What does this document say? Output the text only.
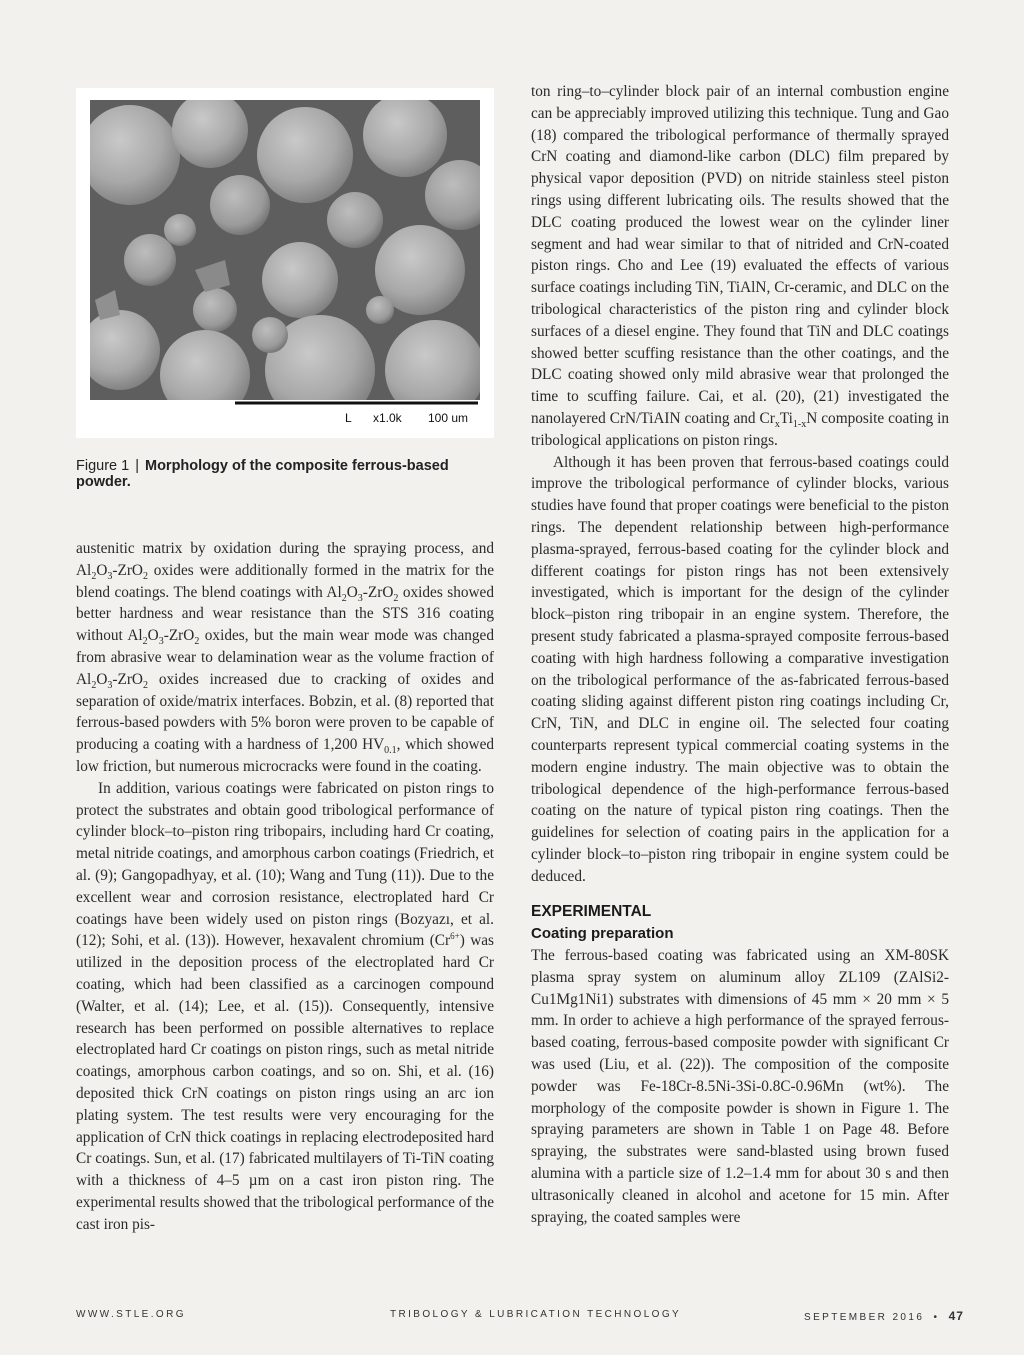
L x1.0k 100 um
Figure 1 | Morphology of the composite ferrous-based powder.

austenitic matrix by oxidation during the spraying process, and $Al_2O_3-ZrO_2$ oxides were additionally formed in the matrix for the blend coatings. The blend coatings with $Al_2O_3-ZrO_2$ oxides showed better hardness and wear resistance than the STS 316 coating without $Al_2O_3-ZrO_2$ oxides, but the main wear mode was changed from abrasive wear to delamination wear as the volume fraction of $Al_2O_3-ZrO_2$ oxides increased due to cracking of oxides and separation of oxide/matrix interfaces. Bobzin, et al. (8) reported that ferrous-based powders with 5% boron were proven to be capable of producing a coating with a hardness of 1,200 $HV_{0.1}$, which showed low friction, but numerous microcracks were found in the coating.

In addition, various coatings were fabricated on piston rings to protect the substrates and obtain good tribological performance of cylinder block–to–piston ring tribopairs, including hard Cr coating, metal nitride coatings, and amorphous carbon coatings (Friedrich, et al. (9); Gangopadhyay, et al. (10); Wang and Tung (11)). Due to the excellent wear and corrosion resistance, electroplated hard Cr coatings have been widely used on piston rings (Bozyazı, et al. (12); Sohi, et al. (13)). However, hexavalent chromium $(Cr^{6+})$ was utilized in the deposition process of the electroplated hard Cr coating, which had been classified as a carcinogen compound (Walter, et al. (14); Lee, et al. (15)). Consequently, intensive research has been performed on possible alternatives to replace electroplated hard Cr coatings on piston rings, such as metal nitride coatings, amorphous carbon coatings, and so on. Shi, et al. (16) deposited thick CrN coatings on piston rings using an arc ion plating system. The test results were very encouraging for the application of CrN thick coatings in replacing electrodeposited hard Cr coatings. Sun, et al. (17) fabricated multilayers of Ti-TiN coating with a thickness of 4–5 µm on a cast iron piston ring. The experimental results showed that the tribological performance of the cast iron pis-

ton ring–to–cylinder block pair of an internal combustion engine can be appreciably improved utilizing this technique. Tung and Gao (18) compared the tribological performance of thermally sprayed CrN coating and diamond-like carbon (DLC) film prepared by physical vapor deposition (PVD) on nitride stainless steel piston rings using different lubricating oils. The results showed that the DLC coating produced the lowest wear on the cylinder liner segment and had wear similar to that of nitrided and CrN-coated piston rings. Cho and Lee (19) evaluated the effects of various surface coatings including TiN, TiAlN, Cr-ceramic, and DLC on the tribological characteristics of the piston ring and cylinder block surfaces of a diesel engine. They found that TiN and DLC coatings showed better scuffing resistance than the other coatings, and the DLC coating showed only mild abrasive wear that prolonged the time to scuffing failure. Cai, et al. (20), (21) investigated the nanolayered CrN/TiAIN coating and $Cr_xTi_{1-x}N$ composite coating in tribological applications on piston rings.

Although it has been proven that ferrous-based coatings could improve the tribological performance of cylinder blocks, various studies have found that proper coatings were beneficial to the piston rings. The dependent relationship between high-performance plasma-sprayed, ferrous-based coating for the cylinder block and different coatings for piston rings has not been extensively investigated, which is important for the design of the cylinder block–piston ring tribopair in an engine system. Therefore, the present study fabricated a plasma-sprayed composite ferrous-based coating with high hardness following a comparative investigation on the tribological performance of the as-fabricated ferrous-based coating sliding against different piston ring coatings including Cr, CrN, TiN, and DLC in engine oil. The selected four coating counterparts represent typical commercial coating systems in the modern engine industry. The main objective was to obtain the tribological dependence of the high-performance ferrous-based coating on the nature of typical piston ring coatings. Then the guidelines for selection of coating pairs in the application for a cylinder block–to–piston ring tribopair in engine system could be deduced.

EXPERIMENTAL
Coating preparation

The ferrous-based coating was fabricated using an XM-80SK plasma spray system on aluminum alloy ZL109 (ZAlSi2-Cu1Mg1Ni1) substrates with dimensions of 45 mm × 20 mm × 5 mm. In order to achieve a high performance of the sprayed ferrous-based coating, ferrous-based composite powder with significant Cr was used (Liu, et al. (22)). The composition of the composite powder was Fe-18Cr-8.5Ni-3Si-0.8C-0.96Mn (wt%). The morphology of the composite powder is shown in Figure 1. The spraying parameters are shown in Table 1 on Page 48. Before spraying, the substrates were sand-blasted using brown fused alumina with a particle size of 1.2–1.4 mm for about 30 s and then ultrasonically cleaned in alcohol and acetone for 15 min. After spraying, the coated samples were

WWW.STLE.ORG	TRIBOLOGY & LUBRICATION TECHNOLOGY	SEPTEMBER 2016 • 47
